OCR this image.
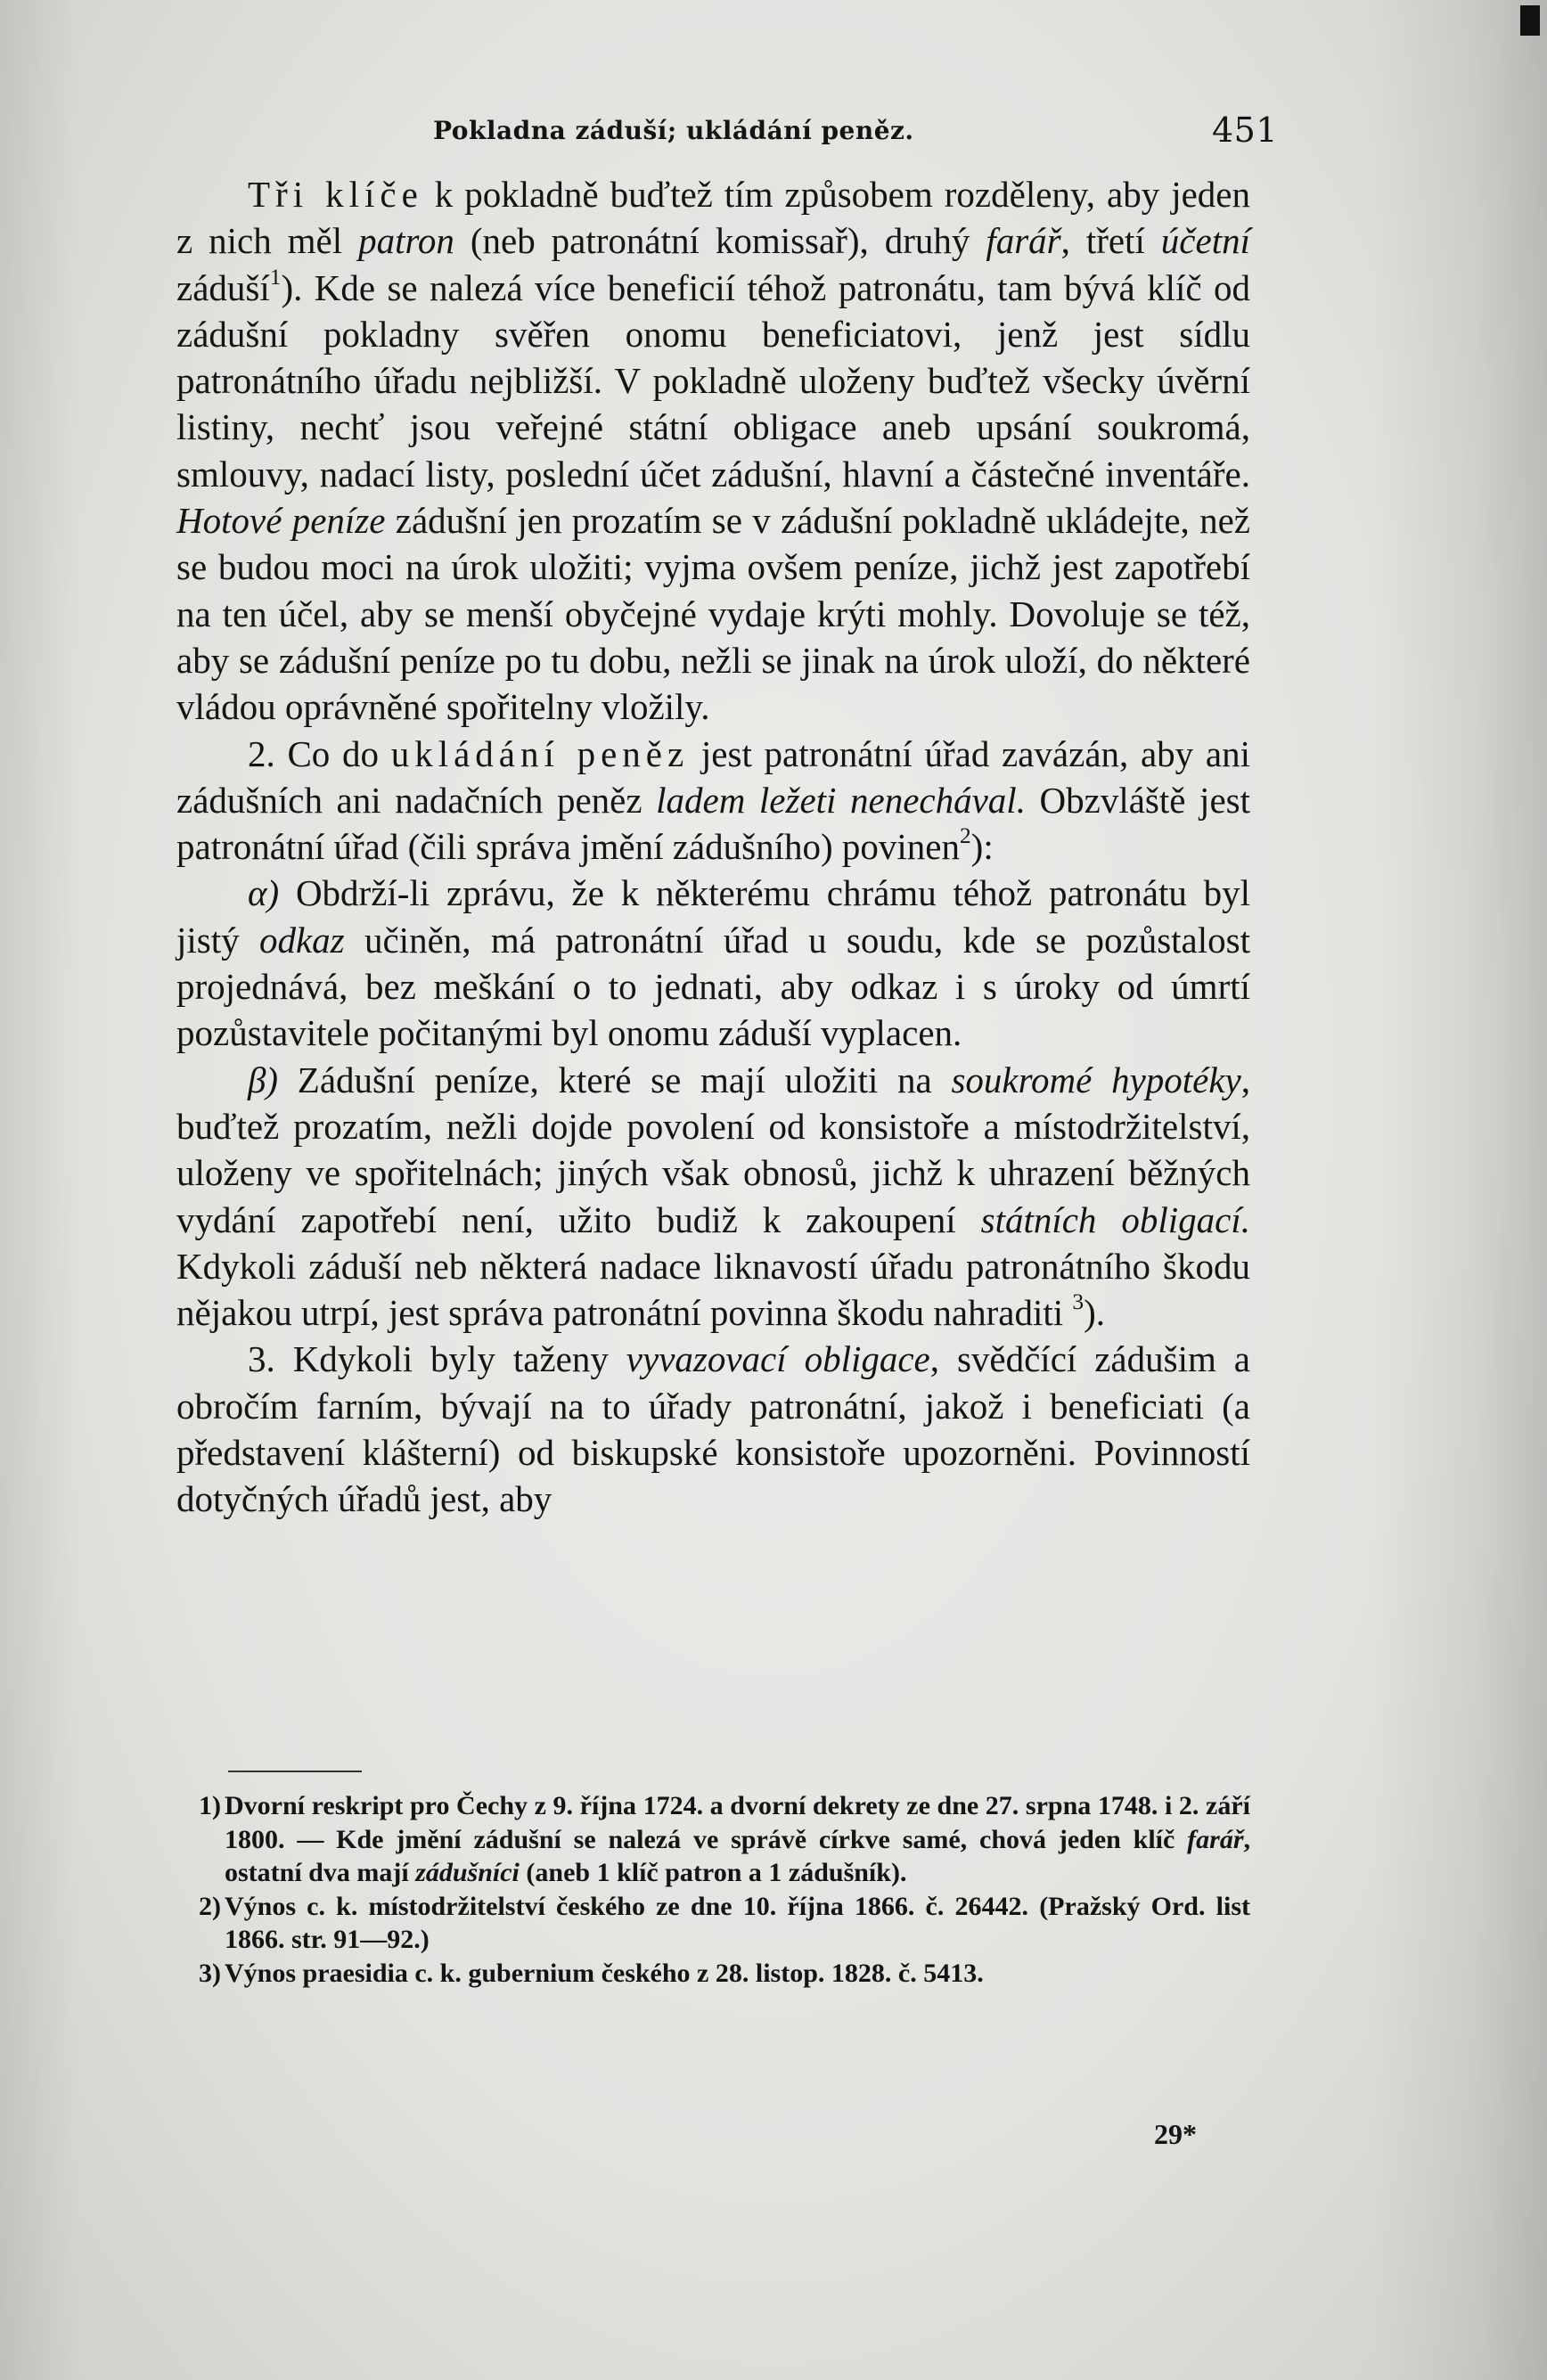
Pokladna záduší; ukládání peněz.	451

Tři klíče k pokladně buďtež tím způsobem rozděleny, aby jeden z nich měl patron (neb patronátní komissař), druhý farář, třetí účetní záduší$^1$). Kde se nalezá více beneficií téhož patronátu, tam bývá klíč od zádušní pokladny svěřen onomu beneficiatovi, jenž jest sídlu patronátního úřadu nejbližší. V pokladně uloženy buďtež všecky úvěrní listiny, nechť jsou veřejné státní obligace aneb upsání soukromá, smlouvy, nadací listy, poslední účet zádušní, hlavní a částečné inventáře. Hotové peníze zádušní jen prozatím se v zádušní pokladně ukládejte, než se budou moci na úrok uložiti; vyjma ovšem peníze, jichž jest zapotřebí na ten účel, aby se menší obyčejné vydaje krýti mohly. Dovoluje se též, aby se zádušní peníze po tu dobu, nežli se jinak na úrok uloží, do některé vládou oprávněné spořitelny vložily.

2. Co do ukládání peněz jest patronátní úřad zavázán, aby ani zádušních ani nadačních peněz ladem ležeti nenechával. Obzvláště jest patronátní úřad (čili správa jmění zádušního) povinen$^2$):

α) Obdrží-li zprávu, že k některému chrámu téhož patronátu byl jistý odkaz učiněn, má patronátní úřad u soudu, kde se pozůstalost projednává, bez meškání o to jednati, aby odkaz i s úroky od úmrtí pozůstavitele počitanými byl onomu záduší vyplacen.

β) Zádušní peníze, které se mají uložiti na soukromé hypotéky, buďtež prozatím, nežli dojde povolení od konsistoře a místodržitelství, uloženy ve spořitelnách; jiných však obnosů, jichž k uhrazení běžných vydání zapotřebí není, užito budiž k zakoupení státních obligací. Kdykoli záduší neb některá nadace liknavostí úřadu patronátního škodu nějakou utrpí, jest správa patronátní povinna škodu nahraditi $^3$).

3. Kdykoli byly taženy vyvazovací obligace, svědčící zádušim a obročím farním, bývají na to úřady patronátní, jakož i beneficiati (a představení klášterní) od biskupské konsistoře upozorněni. Povinností dotyčných úřadů jest, aby

1) Dvorní reskript pro Čechy z 9. října 1724. a dvorní dekrety ze dne 27. srpna 1748. i 2. září 1800. — Kde jmění zádušní se nalezá ve správě církve samé, chová jeden klíč farář, ostatní dva mají zádušníci (aneb 1 klíč patron a 1 zádušník).

2) Výnos c. k. místodržitelství českého ze dne 10. října 1866. č. 26442. (Pražský Ord. list 1866. str. 91—92.)

3) Výnos praesidia c. k. gubernium českého z 28. listop. 1828. č. 5413.

29*
